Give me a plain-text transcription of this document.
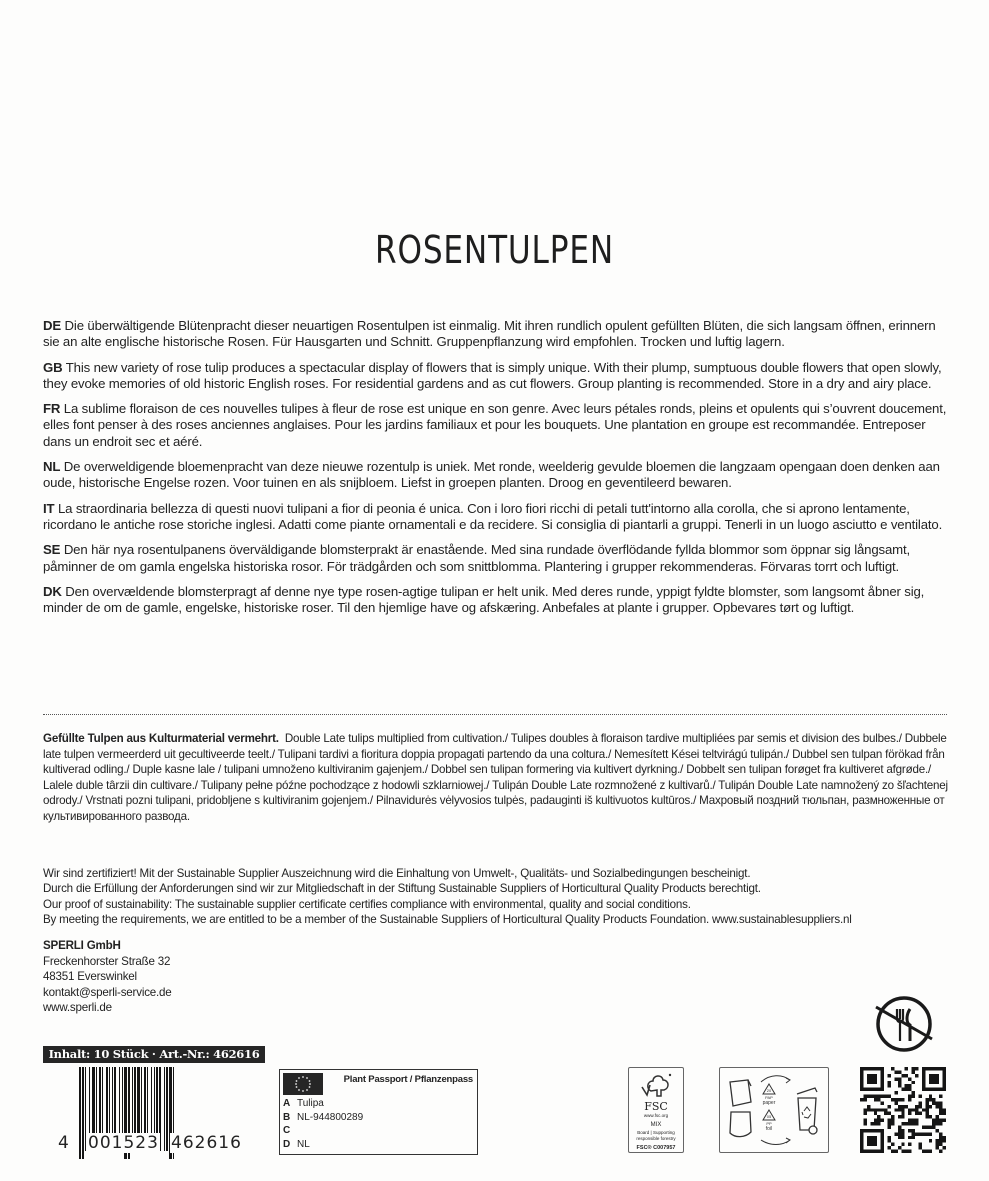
ROSENTULPEN

DE Die überwältigende Blütenpracht dieser neuartigen Rosentulpen ist einmalig. Mit ihren rundlich opulent gefüllten Blüten, die sich langsam öffnen, erinnern sie an alte englische historische Rosen. Für Hausgarten und Schnitt. Gruppenpflanzung wird empfohlen. Trocken und luftig lagern.

GB This new variety of rose tulip produces a spectacular display of flowers that is simply unique. With their plump, sumptuous double flowers that open slowly, they evoke memories of old historic English roses. For residential gardens and as cut flowers. Group planting is recommended. Store in a dry and airy place.

FR La sublime floraison de ces nouvelles tulipes à fleur de rose est unique en son genre. Avec leurs pétales ronds, pleins et opulents qui s’ouvrent doucement, elles font penser à des roses anciennes anglaises. Pour les jardins familiaux et pour les bouquets. Une plantation en groupe est recommandée. Entreposer dans un endroit sec et aéré.

NL De overweldigende bloemenpracht van deze nieuwe rozentulp is uniek. Met ronde, weelderig gevulde bloemen die langzaam opengaan doen denken aan oude, historische Engelse rozen. Voor tuinen en als snijbloem. Liefst in groepen planten. Droog en geventileerd bewaren.

IT La straordinaria bellezza di questi nuovi tulipani a fior di peonia é unica. Con i loro fiori ricchi di petali tutt'intorno alla corolla, che si aprono lentamente, ricordano le antiche rose storiche inglesi. Adatti come piante ornamentali e da recidere. Si consiglia di piantarli a gruppi. Tenerli in un luogo asciutto e ventilato.

SE Den här nya rosentulpanens överväldigande blomsterprakt är enastående. Med sina rundade överflödande fyllda blommor som öppnar sig långsamt, påminner de om gamla engelska historiska rosor. För trädgården och som snittblomma. Plantering i grupper rekommenderas. Förvaras torrt och luftigt.

DK Den overvældende blomsterpragt af denne nye type rosen-agtige tulipan er helt unik. Med deres runde, yppigt fyldte blomster, som langsomt åbner sig, minder de om de gamle, engelske, historiske roser. Til den hjemlige have og afskæring. Anbefales at plante i grupper. Opbevares tørt og luftigt.

Gefüllte Tulpen aus Kulturmaterial vermehrt. Double Late tulips multiplied from cultivation./ Tulipes doubles à floraison tardive multipliées par semis et division des bulbes./ Dubbele late tulpen vermeerderd uit gecultiveerde teelt./ Tulipani tardivi a fioritura doppia propagati partendo da una coltura./ Nemesített Kései teltvirágú tulipán./ Dubbel sen tulpan förökad från kultiverad odling./ Duple kasne lale / tulipani umnoženo kultiviranim gajenjem./ Dobbel sen tulipan formering via kultivert dyrkning./ Dobbelt sen tulipan forøget fra kultiveret afgrøde./ Lalele duble târzii din cultivare./ Tulipany pełne późne pochodzące z hodowli szklarniowej./ Tulipán Double Late rozmnožené z kultivarů./ Tulipán Double Late namnožený zo šľachtenej odrody./ Vrstnati pozni tulipani, pridobljene s kultiviranim gojenjem./ Pilnavidurės vėlyvosios tulpės, padauginti iš kultivuotos kultūros./ Махровый поздний тюльпан, размноженные от культивированного развода.
Wir sind zertifiziert! Mit der Sustainable Supplier Auszeichnung wird die Einhaltung von Umwelt-, Qualitäts- und Sozialbedingungen bescheinigt.
Durch die Erfüllung der Anforderungen sind wir zur Mitgliedschaft in der Stiftung Sustainable Suppliers of Horticultural Quality Products berechtigt.
Our proof of sustainability: The sustainable supplier certificate certifies compliance with environmental, quality and social conditions.
By meeting the requirements, we are entitled to be a member of the Sustainable Suppliers of Horticultural Quality Products Foundation. www.sustainablesuppliers.nl
SPERLI GmbH
Freckenhorster Straße 32
48351 Everswinkel
kontakt@sperli-service.de
www.sperli.de
Inhalt: 10 Stück · Art.-Nr.: 462616
4 001523 462616
Plant Passport / Pflanzenpass
A Tulipa
B NL-944800289
C
D NL
FSC
www.fsc.org
MIX
Board | Supporting
responsible forestry
FSC® C007957
20
PAP
paper
05
PP
foil
